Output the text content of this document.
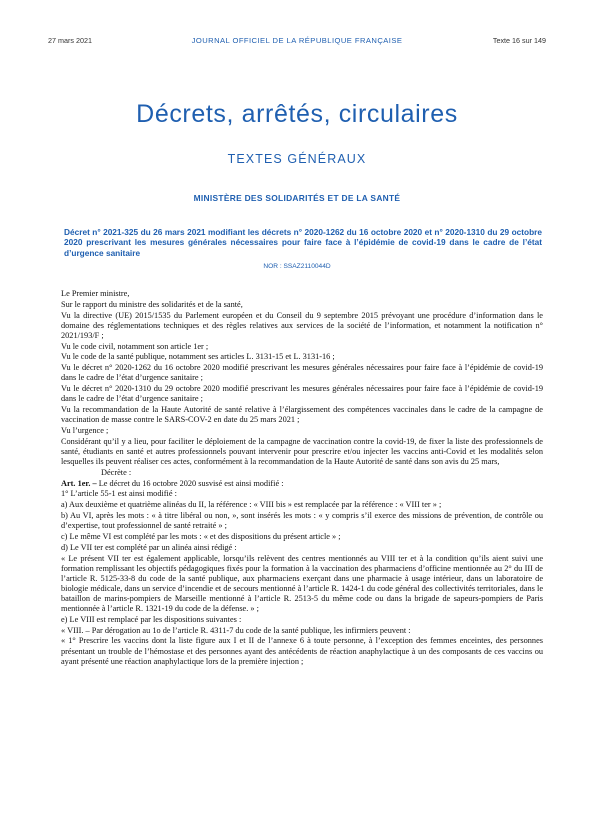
27 mars 2021	JOURNAL OFFICIEL DE LA RÉPUBLIQUE FRANÇAISE	Texte 16 sur 149
Décrets, arrêtés, circulaires
TEXTES GÉNÉRAUX
MINISTÈRE DES SOLIDARITÉS ET DE LA SANTÉ
Décret n° 2021-325 du 26 mars 2021 modifiant les décrets n° 2020-1262 du 16 octobre 2020 et n° 2020-1310 du 29 octobre 2020 prescrivant les mesures générales nécessaires pour faire face à l’épidémie de covid-19 dans le cadre de l’état d’urgence sanitaire
NOR : SSAZ2110044D

Le Premier ministre,

Sur le rapport du ministre des solidarités et de la santé,

Vu la directive (UE) 2015/1535 du Parlement européen et du Conseil du 9 septembre 2015 prévoyant une procédure d’information dans le domaine des réglementations techniques et des règles relatives aux services de la société de l’information, et notamment la notification n° 2021/193/F ;

Vu le code civil, notamment son article 1er ;

Vu le code de la santé publique, notamment ses articles L. 3131-15 et L. 3131-16 ;

Vu le décret n° 2020-1262 du 16 octobre 2020 modifié prescrivant les mesures générales nécessaires pour faire face à l’épidémie de covid-19 dans le cadre de l’état d’urgence sanitaire ;

Vu le décret n° 2020-1310 du 29 octobre 2020 modifié prescrivant les mesures générales nécessaires pour faire face à l’épidémie de covid-19 dans le cadre de l’état d’urgence sanitaire ;

Vu la recommandation de la Haute Autorité de santé relative à l’élargissement des compétences vaccinales dans le cadre de la campagne de vaccination de masse contre le SARS-COV-2 en date du 25 mars 2021 ;

Vu l’urgence ;

Considérant qu’il y a lieu, pour faciliter le déploiement de la campagne de vaccination contre la covid-19, de fixer la liste des professionnels de santé, étudiants en santé et autres professionnels pouvant intervenir pour prescrire et/ou injecter les vaccins anti-Covid et les modalités selon lesquelles ils peuvent réaliser ces actes, conformément à la recommandation de la Haute Autorité de santé dans son avis du 25 mars,

Décrète :

Art. 1er. – Le décret du 16 octobre 2020 susvisé est ainsi modifié :

1° L’article 55-1 est ainsi modifié :

a) Aux deuxième et quatrième alinéas du II, la référence : « VIII bis » est remplacée par la référence : « VIII ter » ;

b) Au VI, après les mots : « à titre libéral ou non, », sont insérés les mots : « y compris s’il exerce des missions de prévention, de contrôle ou d’expertise, tout professionnel de santé retraité » ;

c) Le même VI est complété par les mots : « et des dispositions du présent article » ;

d) Le VII ter est complété par un alinéa ainsi rédigé :

« Le présent VII ter est également applicable, lorsqu’ils relèvent des centres mentionnés au VIII ter et à la condition qu’ils aient suivi une formation remplissant les objectifs pédagogiques fixés pour la formation à la vaccination des pharmaciens d’officine mentionnée au 2° du III de l’article R. 5125-33-8 du code de la santé publique, aux pharmaciens exerçant dans une pharmacie à usage intérieur, dans un laboratoire de biologie médicale, dans un service d’incendie et de secours mentionné à l’article R. 1424-1 du code général des collectivités territoriales, dans le bataillon de marins-pompiers de Marseille mentionné à l’article R. 2513-5 du même code ou dans la brigade de sapeurs-pompiers de Paris mentionnée à l’article R. 1321-19 du code de la défense. » ;

e) Le VIII est remplacé par les dispositions suivantes :

« VIII. – Par dérogation au 1o de l’article R. 4311-7 du code de la santé publique, les infirmiers peuvent :

« 1° Prescrire les vaccins dont la liste figure aux I et II de l’annexe 6 à toute personne, à l’exception des femmes enceintes, des personnes présentant un trouble de l’hémostase et des personnes ayant des antécédents de réaction anaphylactique à un des composants de ces vaccins ou ayant présenté une réaction anaphylactique lors de la première injection ;
